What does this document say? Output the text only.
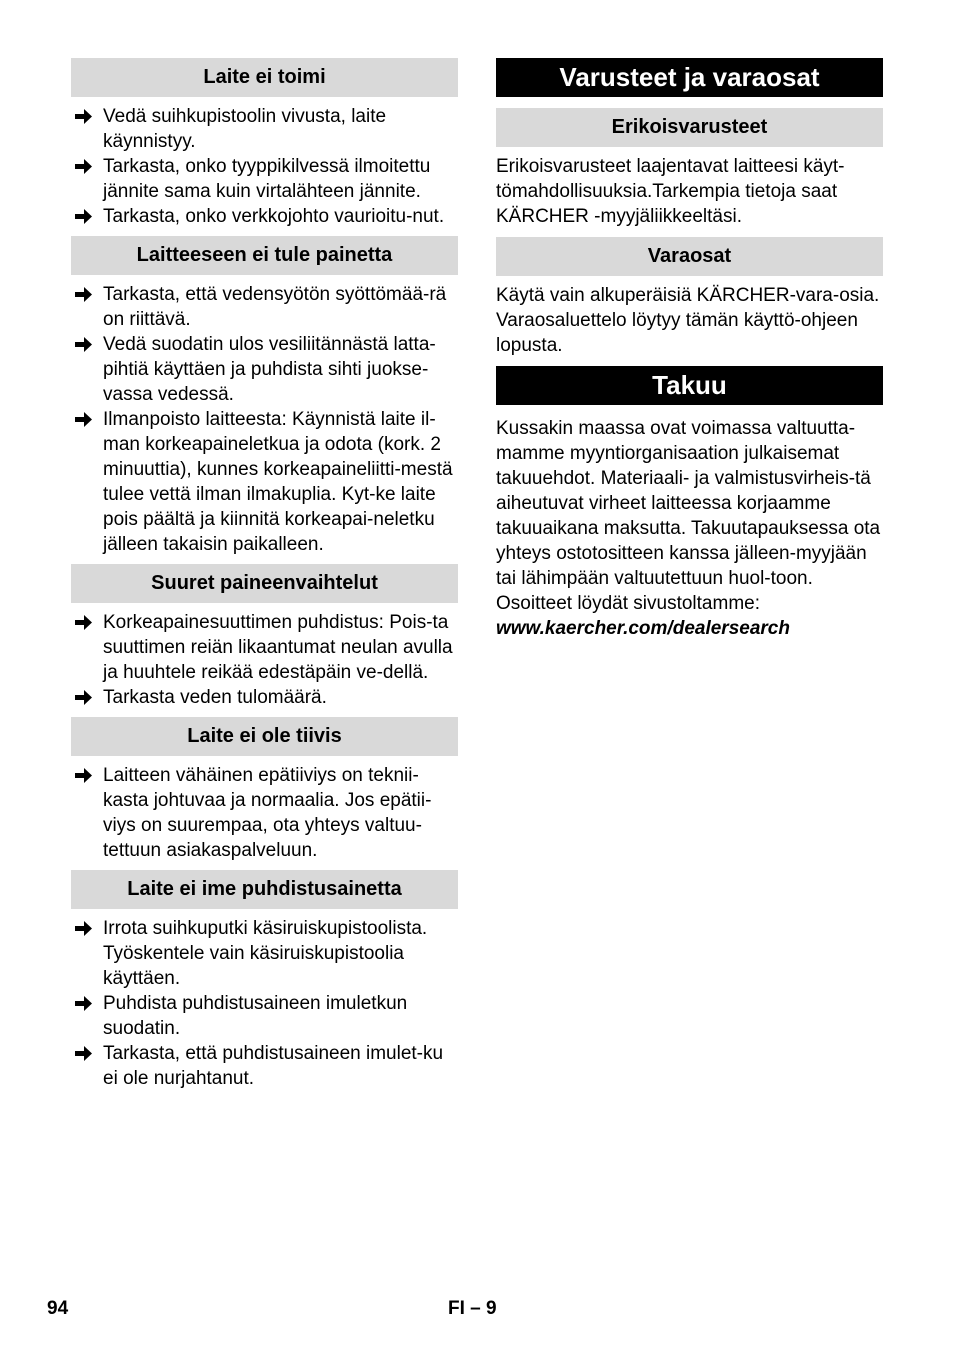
Laite ei toimi
Vedä suihkupistoolin vivusta, laite käynnistyy.
Tarkasta, onko tyyppikilvessä ilmoitettu jännite sama kuin virtalähteen jännite.
Tarkasta, onko verkkojohto vaurioitu-nut.
Laitteeseen ei tule painetta
Tarkasta, että vedensyötön syöttömää-rä on riittävä.
Vedä suodatin ulos vesiliitännästä latta-pihtiä käyttäen ja puhdista sihti juokse-vassa vedessä.
Ilmanpoisto laitteesta: Käynnistä laite il-man korkeapaineletkua ja odota (kork. 2 minuuttia), kunnes korkeapaineliitti-mestä tulee vettä ilman ilmakuplia. Kyt-ke laite pois päältä ja kiinnitä korkeapai-neletku jälleen takaisin paikalleen.
Suuret paineenvaihtelut
Korkeapainesuuttimen puhdistus: Pois-ta suuttimen reiän likaantumat neulan avulla ja huuhtele reikää edestäpäin ve-dellä.
Tarkasta veden tulomäärä.
Laite ei ole tiivis
Laitteen vähäinen epätiiviys on teknii-kasta johtuvaa ja normaalia. Jos epätii-viys on suurempaa, ota yhteys valtuu-tettuun asiakaspalveluun.
Laite ei ime puhdistusainetta
Irrota suihkuputki käsiruiskupistoolista. Työskentele vain käsiruiskupistoolia käyttäen.
Puhdista puhdistusaineen imuletkun suodatin.
Tarkasta, että puhdistusaineen imulet-ku ei ole nurjahtanut.
Varusteet ja varaosat
Erikoisvarusteet

Erikoisvarusteet laajentavat laitteesi käyt-tömahdollisuuksia.Tarkempia tietoja saat KÄRCHER -myyjäliikkeeltäsi.

Varaosat

Käytä vain alkuperäisiä KÄRCHER-vara-osia. Varaosaluettelo löytyy tämän käyttö-ohjeen lopusta.

Takuu

Kussakin maassa ovat voimassa valtuutta-mamme myyntiorganisaation julkaisemat takuuehdot. Materiaali- ja valmistusvirheis-tä aiheutuvat virheet laitteessa korjaamme takuuaikana maksutta. Takuutapauksessa ota yhteys ostotositteen kanssa jälleen-myyjään tai lähimpään valtuutettuun huol-toon.

Osoitteet löydät sivustoltamme:

www.kaercher.com/dealersearch

94	FI – 9
